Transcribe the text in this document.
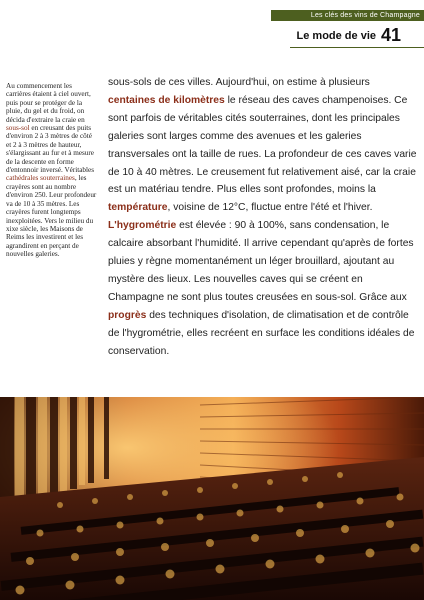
Les clés des vins de Champagne
Le mode de vie 41

Au commencement les carrières étaient à ciel ouvert, puis pour se protéger de la pluie, du gel et du froid, on décida d'extraire la craie en sous-sol en creusant des puits d'environ 2 à 3 mètres de côté et 2 à 3 mètres de hauteur, s'élargissant au fur et à mesure de la descente en forme d'entonnoir inversé. Véritables cathédrales souterraines, les crayères sont au nombre d'environ 250. Leur profondeur va de 10 à 35 mètres. Les crayères furent longtemps inexploitées. Vers le milieu du xixe siècle, les Maisons de Reims les investirent et les agrandirent en perçant de nouvelles galeries.

sous-sols de ces villes. Aujourd'hui, on estime à plusieurs centaines de kilomètres le réseau des caves champenoises. Ce sont parfois de véritables cités souterraines, dont les principales galeries sont larges comme des avenues et les galeries transversales ont la taille de rues. La profondeur de ces caves varie de 10 à 40 mètres. Le creusement fut relativement aisé, car la craie est un matériau tendre. Plus elles sont profondes, moins la température, voisine de 12°C, fluctue entre l'été et l'hiver. L'hygrométrie est élevée : 90 à 100%, sans condensation, le calcaire absorbant l'humidité. Il arrive cependant qu'après de fortes pluies y règne momentanément un léger brouillard, ajoutant au mystère des lieux. Les nouvelles caves qui se créent en Champagne ne sont plus toutes creusées en sous-sol. Grâce aux progrès des techniques d'isolation, de climatisation et de contrôle de l'hygrométrie, elles recréent en surface les conditions idéales de conservation.
